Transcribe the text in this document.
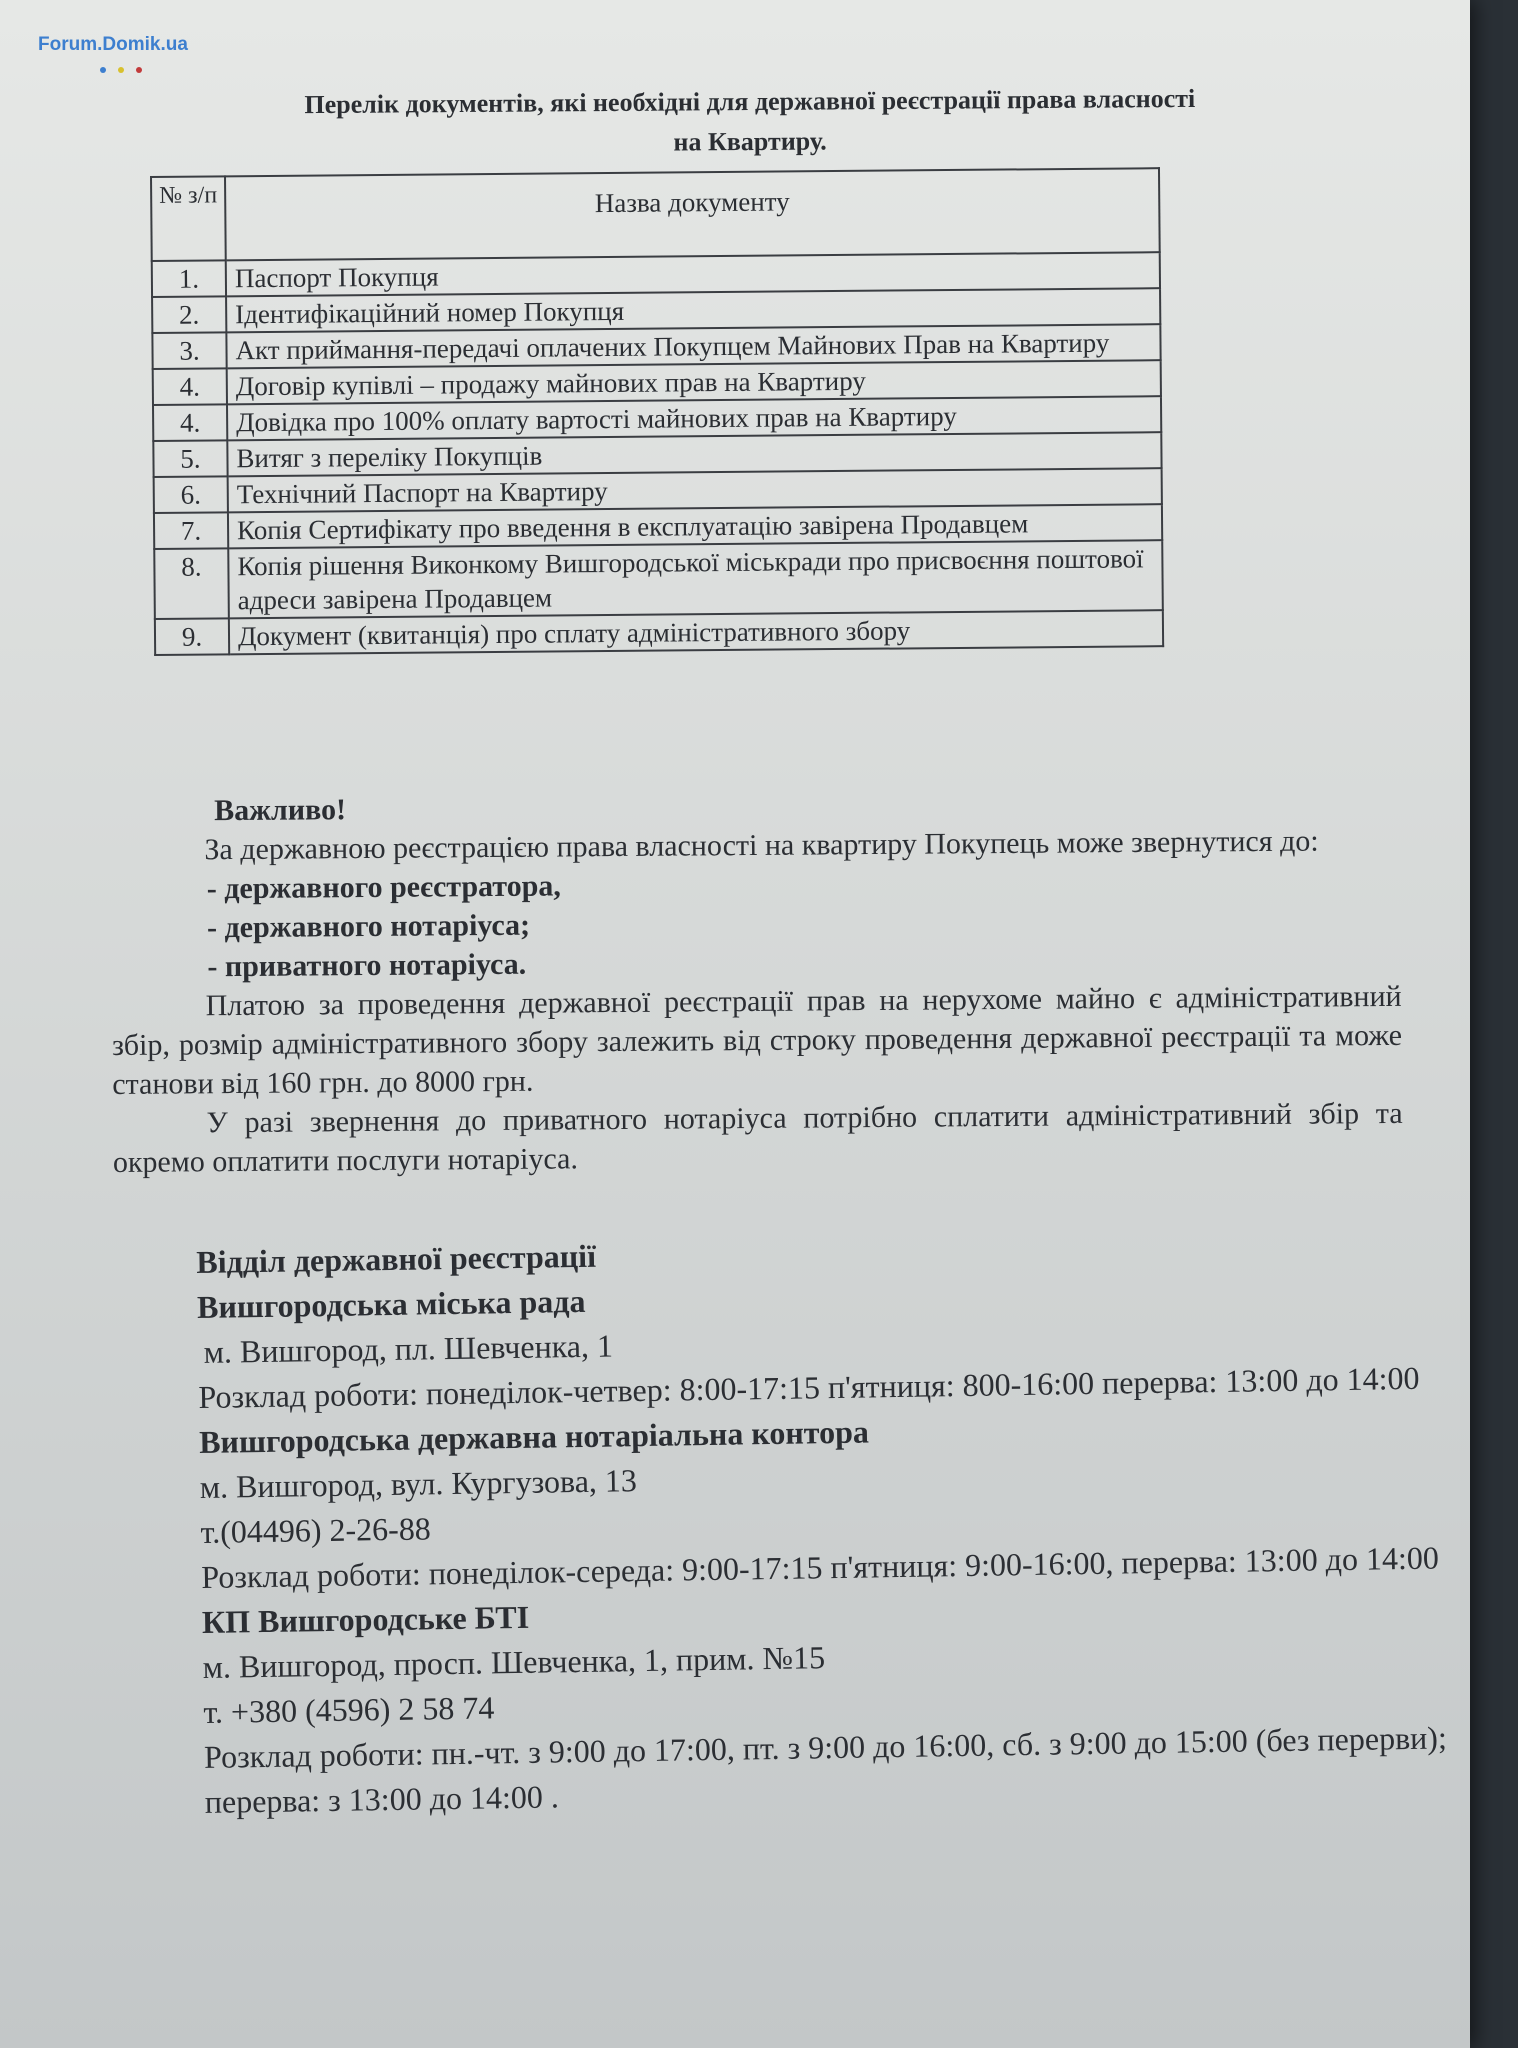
Forum.Domik.ua
Перелік документів, які необхідні для державної реєстрації права власності
на Квартиру.
№ з/п	Назва документу
1.	Паспорт Покупця
2.	Ідентифікаційний номер Покупця
3.	Акт приймання-передачі оплачених Покупцем Майнових Прав на Квартиру
4.	Договір купівлі – продажу майнових прав на Квартиру
4.	Довідка про 100% оплату вартості майнових прав на Квартиру
5.	Витяг з переліку Покупців
6.	Технічний Паспорт на Квартиру
7.	Копія Сертифікату про введення в експлуатацію завірена Продавцем
8.	Копія рішення Виконкому Вишгородської міськради про присвоєння поштової адреси завірена Продавцем
9.	Документ (квитанція) про сплату адміністративного збору

Важливо!

За державною реєстрацією права власності на квартиру Покупець може звернутися до:

- державного реєстратора,

- державного нотаріуса;

- приватного нотаріуса.

Платою за проведення державної реєстрації прав на нерухоме майно є адміністративний збір, розмір адміністративного збору залежить від строку проведення державної реєстрації та може станови від 160 грн. до 8000 грн.

У разі звернення до приватного нотаріуса потрібно сплатити адміністративний збір та окремо оплатити послуги нотаріуса.

Відділ державної реєстрації

Вишгородська міська рада

м. Вишгород, пл. Шевченка, 1

Розклад роботи: понеділок-четвер: 8:00-17:15 п'ятниця: 800-16:00 перерва: 13:00 до 14:00

Вишгородська державна нотаріальна контора

м. Вишгород, вул. Кургузова, 13

т.(04496) 2-26-88

Розклад роботи: понеділок-середа: 9:00-17:15 п'ятниця: 9:00-16:00, перерва: 13:00 до 14:00

КП Вишгородське БТІ

м. Вишгород, просп. Шевченка, 1, прим. №15

т. +380 (4596) 2 58 74

Розклад роботи: пн.-чт. з 9:00 до 17:00, пт. з 9:00 до 16:00, сб. з 9:00 до 15:00 (без перерви); перерва: з 13:00 до 14:00 .
